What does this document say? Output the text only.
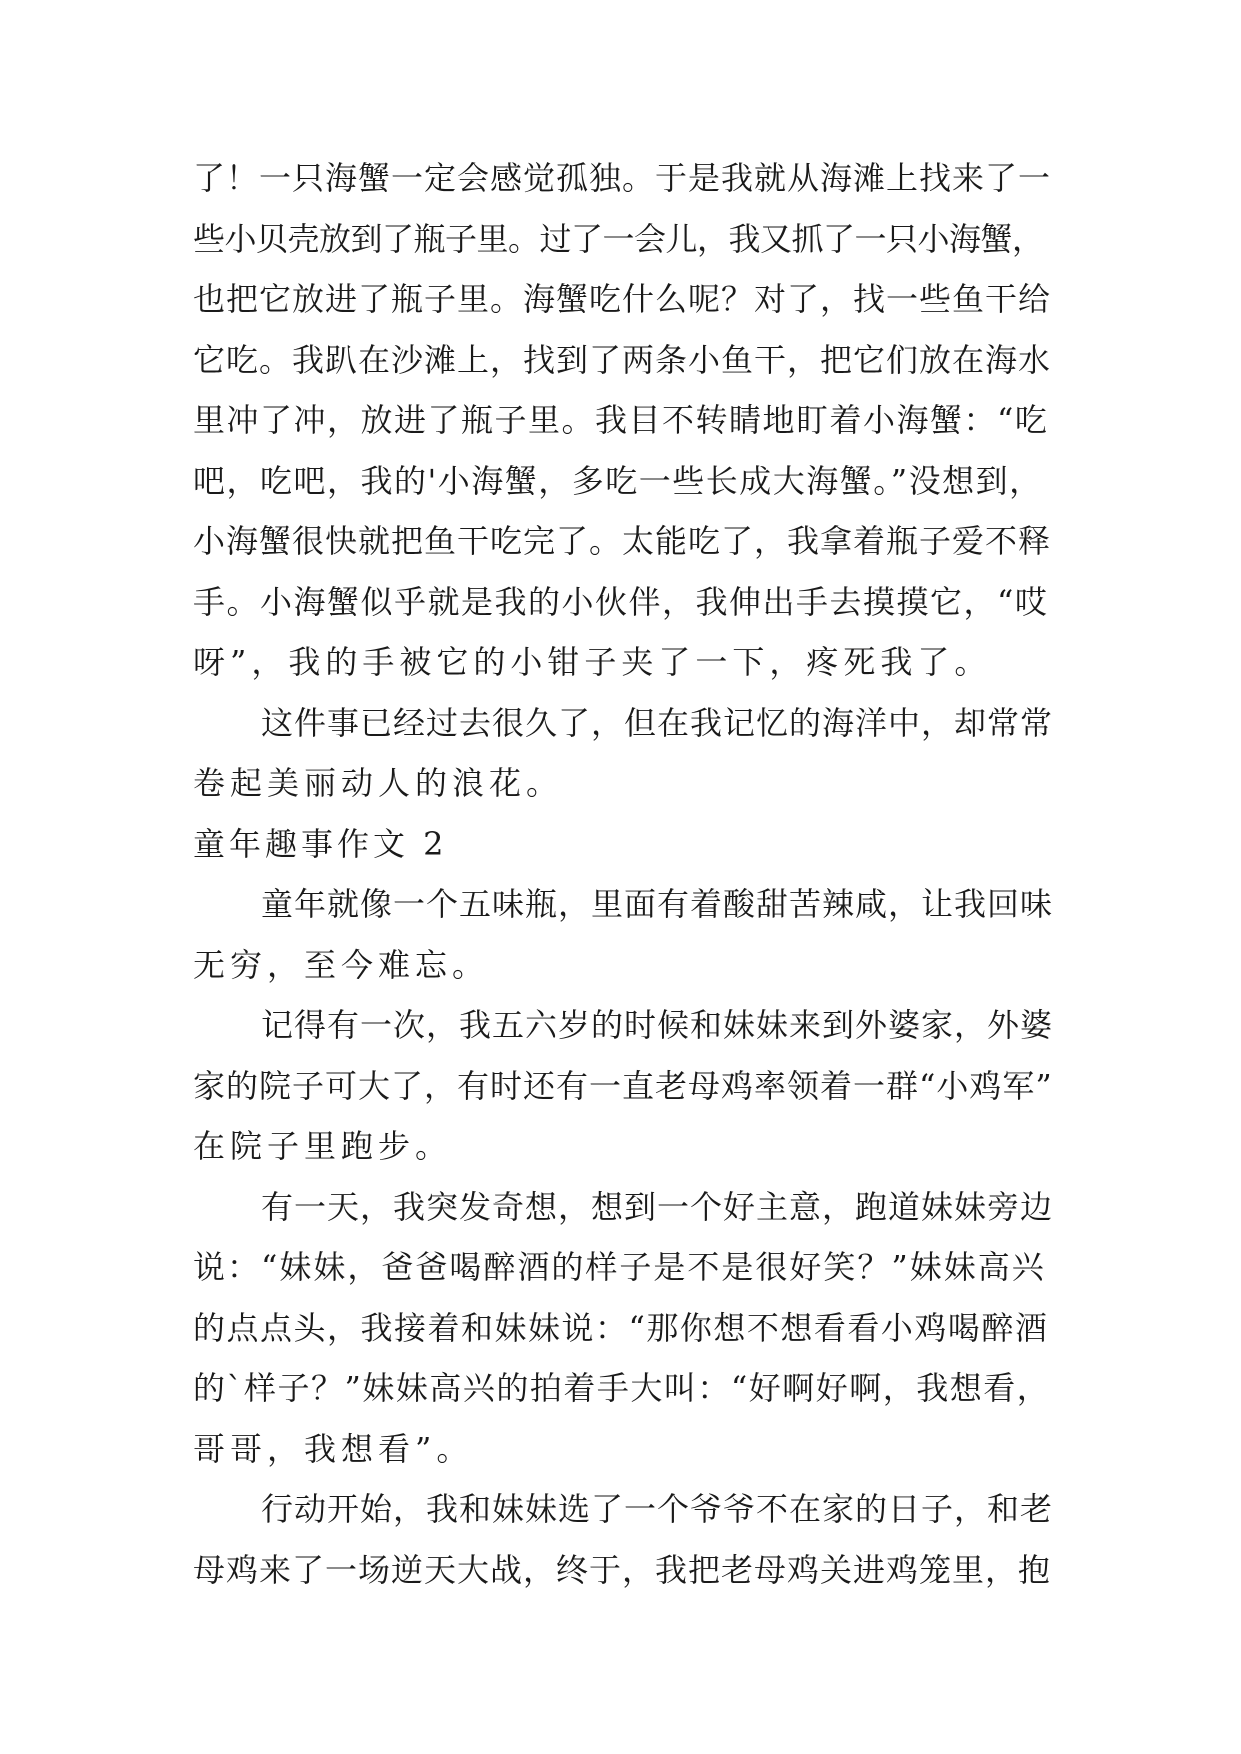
了！一只海蟹一定会感觉孤独。于是我就从海滩上找来了一
些小贝壳放到了瓶子里。过了一会儿，我又抓了一只小海蟹，
也把它放进了瓶子里。海蟹吃什么呢？对了，找一些鱼干给
它吃。我趴在沙滩上，找到了两条小鱼干，把它们放在海水
里冲了冲，放进了瓶子里。我目不转睛地盯着小海蟹：“吃
吧，吃吧，我的'小海蟹，多吃一些长成大海蟹。”没想到，
小海蟹很快就把鱼干吃完了。太能吃了，我拿着瓶子爱不释
手。小海蟹似乎就是我的小伙伴，我伸出手去摸摸它，“哎
呀”，我的手被它的小钳子夹了一下，疼死我了。
这件事已经过去很久了，但在我记忆的海洋中，却常常
卷起美丽动人的浪花。
童年趣事作文 2
童年就像一个五味瓶，里面有着酸甜苦辣咸，让我回味
无穷，至今难忘。
记得有一次，我五六岁的时候和妹妹来到外婆家，外婆
家的院子可大了，有时还有一直老母鸡率领着一群“小鸡军”
在院子里跑步。
有一天，我突发奇想，想到一个好主意，跑道妹妹旁边
说：“妹妹，爸爸喝醉酒的样子是不是很好笑？”妹妹高兴
的点点头，我接着和妹妹说：“那你想不想看看小鸡喝醉酒
的`样子？”妹妹高兴的拍着手大叫：“好啊好啊，我想看，
哥哥，我想看”。
行动开始，我和妹妹选了一个爷爷不在家的日子，和老
母鸡来了一场逆天大战，终于，我把老母鸡关进鸡笼里，抱
